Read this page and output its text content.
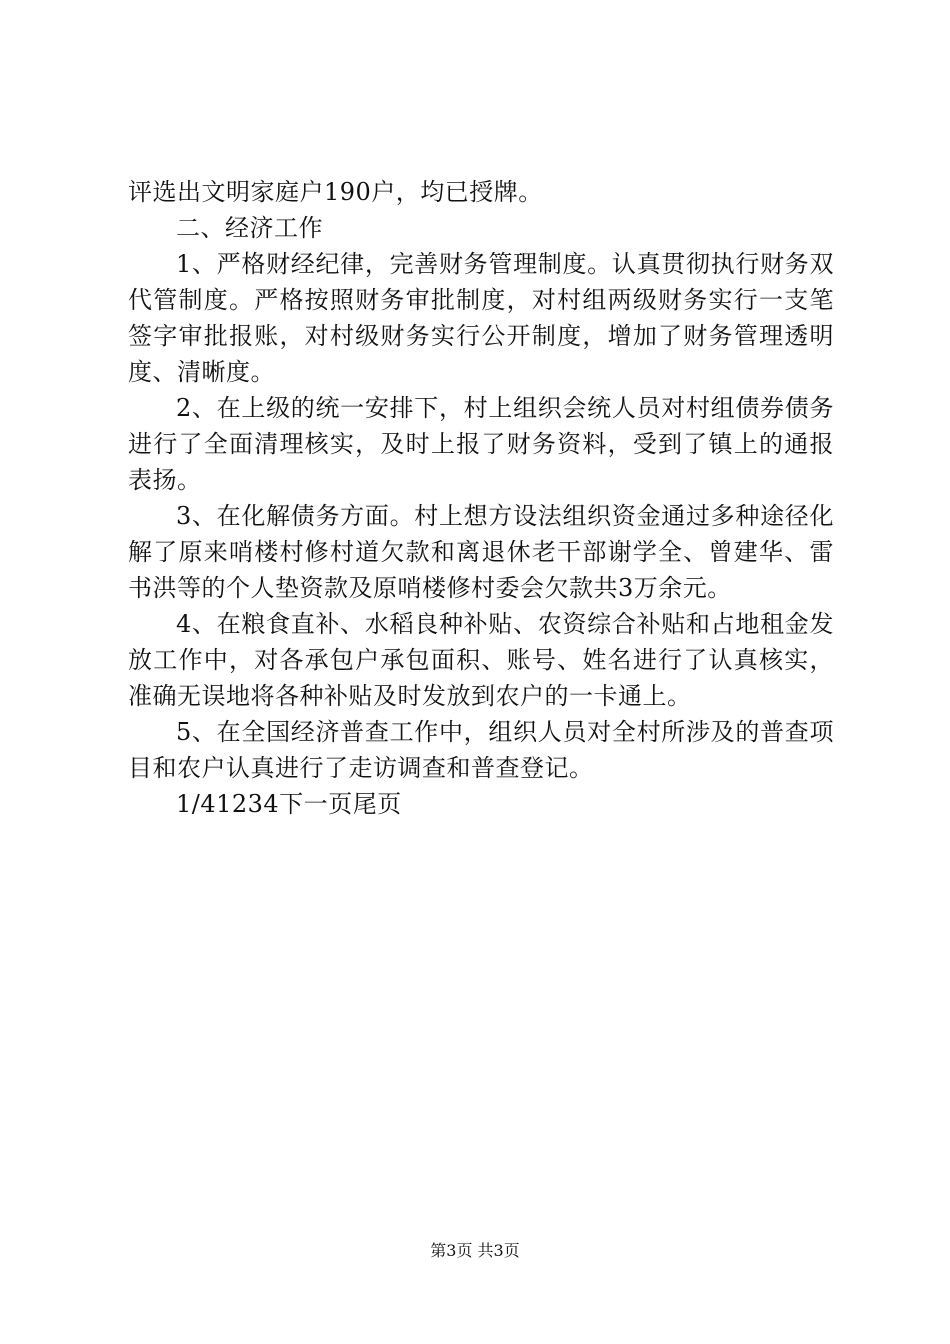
评选出文明家庭户190户，均已授牌。

二、经济工作

1、严格财经纪律，完善财务管理制度。认真贯彻执行财务双代管制度。严格按照财务审批制度，对村组两级财务实行一支笔签字审批报账，对村级财务实行公开制度，增加了财务管理透明度、清晰度。

2、在上级的统一安排下，村上组织会统人员对村组债券债务进行了全面清理核实，及时上报了财务资料，受到了镇上的通报表扬。

3、在化解债务方面。村上想方设法组织资金通过多种途径化解了原来哨楼村修村道欠款和离退休老干部谢学全、曾建华、雷书洪等的个人垫资款及原哨楼修村委会欠款共3万余元。

4、在粮食直补、水稻良种补贴、农资综合补贴和占地租金发放工作中，对各承包户承包面积、账号、姓名进行了认真核实，准确无误地将各种补贴及时发放到农户的一卡通上。

5、在全国经济普查工作中，组织人员对全村所涉及的普查项目和农户认真进行了走访调查和普查登记。

1/41234下一页尾页

第3页 共3页
